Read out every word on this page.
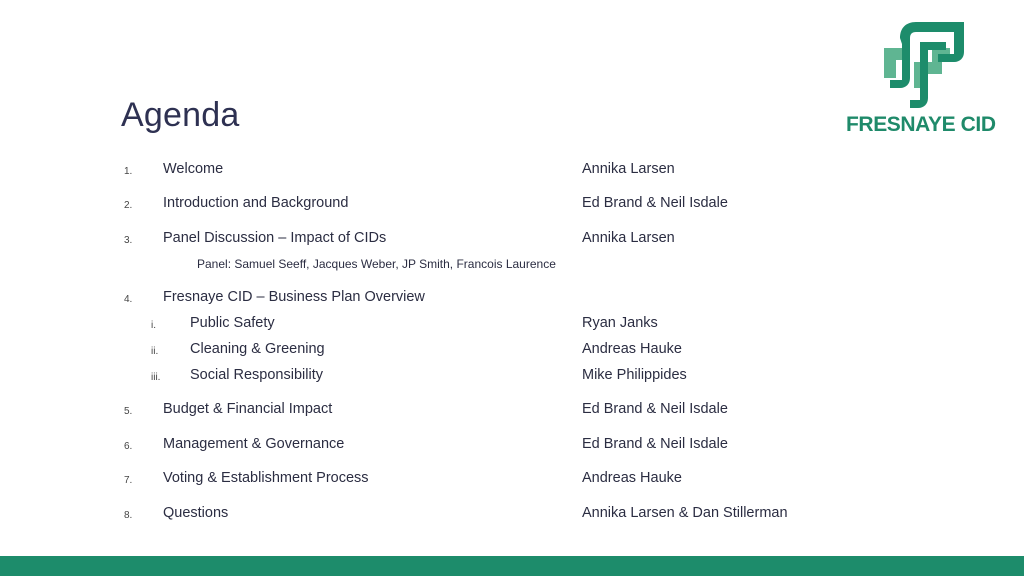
Agenda	FRESNAYE CID
1. Welcome	Annika Larsen
2. Introduction and Background	Ed Brand & Neil Isdale
3. Panel Discussion – Impact of CIDs	Annika Larsen
Panel: Samuel Seeff, Jacques Weber, JP Smith, Francois Laurence
4. Fresnaye CID – Business Plan Overview
i. Public Safety	Ryan Janks
ii. Cleaning & Greening	Andreas Hauke
iii. Social Responsibility	Mike Philippides
5. Budget & Financial Impact	Ed Brand & Neil Isdale
6. Management & Governance	Ed Brand & Neil Isdale
7. Voting & Establishment Process	Andreas Hauke
8. Questions	Annika Larsen & Dan Stillerman
